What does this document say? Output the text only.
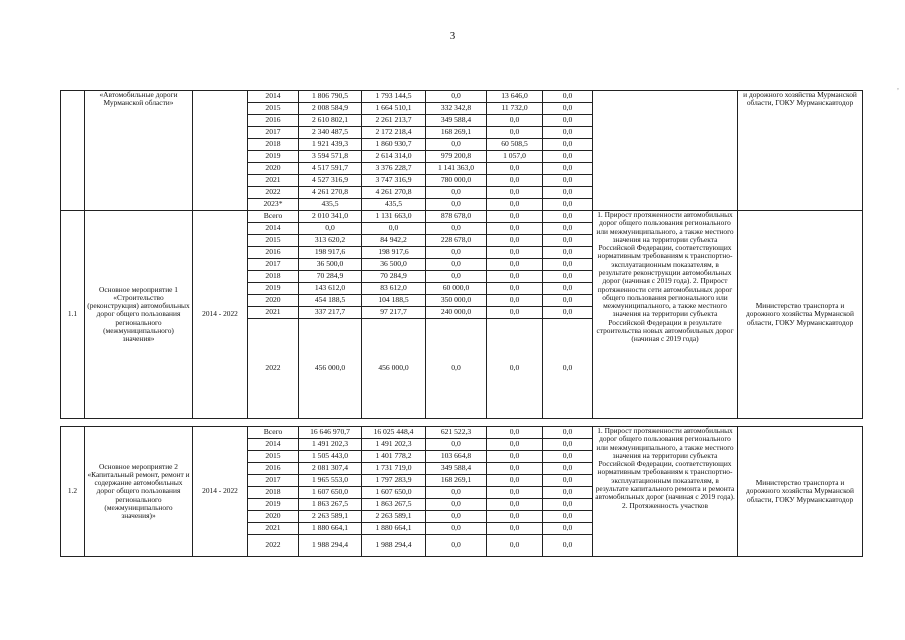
3
	«Автомобильные дороги Мурманской области»		2014	1 806 790,5	1 793 144,5	0,0	13 646,0	0,0		и дорожного хозяйства Мурманской области, ГОКУ Мурманскавтодор
			2015	2 008 584,9	1 664 510,1	332 342,8	11 732,0	0,0		
			2016	2 610 802,1	2 261 213,7	349 588,4	0,0	0,0		
			2017	2 340 487,5	2 172 218,4	168 269,1	0,0	0,0		
			2018	1 921 439,3	1 860 930,7	0,0	60 508,5	0,0		
			2019	3 594 571,8	2 614 314,0	979 200,8	1 057,0	0,0		
			2020	4 517 591,7	3 376 228,7	1 141 363,0	0,0	0,0		
			2021	4 527 316,9	3 747 316,9	780 000,0	0,0	0,0		
			2022	4 261 270,8	4 261 270,8	0,0	0,0	0,0		
			2023*	435,5	435,5	0,0	0,0	0,0		
1.1	Основное мероприятие 1 «Строительство (реконструкция) автомобильных дорог общего пользования регионального (межмуниципального) значения»	2014 - 2022	Всего	2 010 341,0	1 131 663,0	878 678,0	0,0	0,0	1. Прирост протяженности автомобильных дорог общего пользования регионального или межмуниципального, а также местного значения на территории субъекта Российской Федерации, соответствующих нормативным требованиям к транспортно-эксплуатационным показателям, в результате реконструкции автомобильных дорог (начиная с 2019 года). 2. Прирост протяженности сети автомобильных дорог общего пользования регионального или межмуниципального, а также местного значения на территории субъекта Российской Федерации в результате строительства новых автомобильных дорог (начиная с 2019 года)	Министерство транспорта и дорожного хозяйства Мурманской области, ГОКУ Мурманскавтодор
			2014	0,0	0,0	0,0	0,0	0,0		
			2015	313 620,2	84 942,2	228 678,0	0,0	0,0		
			2016	198 917,6	198 917,6	0,0	0,0	0,0		
			2017	36 500,0	36 500,0	0,0	0,0	0,0		
			2018	70 284,9	70 284,9	0,0	0,0	0,0		
			2019	143 612,0	83 612,0	60 000,0	0,0	0,0		
			2020	454 188,5	104 188,5	350 000,0	0,0	0,0		
			2021	337 217,7	97 217,7	240 000,0	0,0	0,0		
			2022	456 000,0	456 000,0	0,0	0,0	0,0		

1.2	Основное мероприятие 2 «Капитальный ремонт, ремонт и содержание автомобильных дорог общего пользования регионального (межмуниципального значения)»	2014 - 2022	Всего	16 646 970,7	16 025 448,4	621 522,3	0,0	0,0	1. Прирост протяженности автомобильных дорог общего пользования регионального или межмуниципального, а также местного значения на территории субъекта Российской Федерации, соответствующих нормативным требованиям к транспортно-эксплуатационным показателям, в результате капитального ремонта и ремонта автомобильных дорог (начиная с 2019 года). 2. Протяженность участков	Министерство транспорта и дорожного хозяйства Мурманской области, ГОКУ Мурманскавтодор
			2014	1 491 202,3	1 491 202,3	0,0	0,0	0,0		
			2015	1 505 443,0	1 401 778,2	103 664,8	0,0	0,0		
			2016	2 081 307,4	1 731 719,0	349 588,4	0,0	0,0		
			2017	1 965 553,0	1 797 283,9	168 269,1	0,0	0,0		
			2018	1 607 650,0	1 607 650,0	0,0	0,0	0,0		
			2019	1 863 267,5	1 863 267,5	0,0	0,0	0,0		
			2020	2 263 589,1	2 263 589,1	0,0	0,0	0,0		
			2021	1 880 664,1	1 880 664,1	0,0	0,0	0,0		
			2022	1 988 294,4	1 988 294,4	0,0	0,0	0,0		
,
